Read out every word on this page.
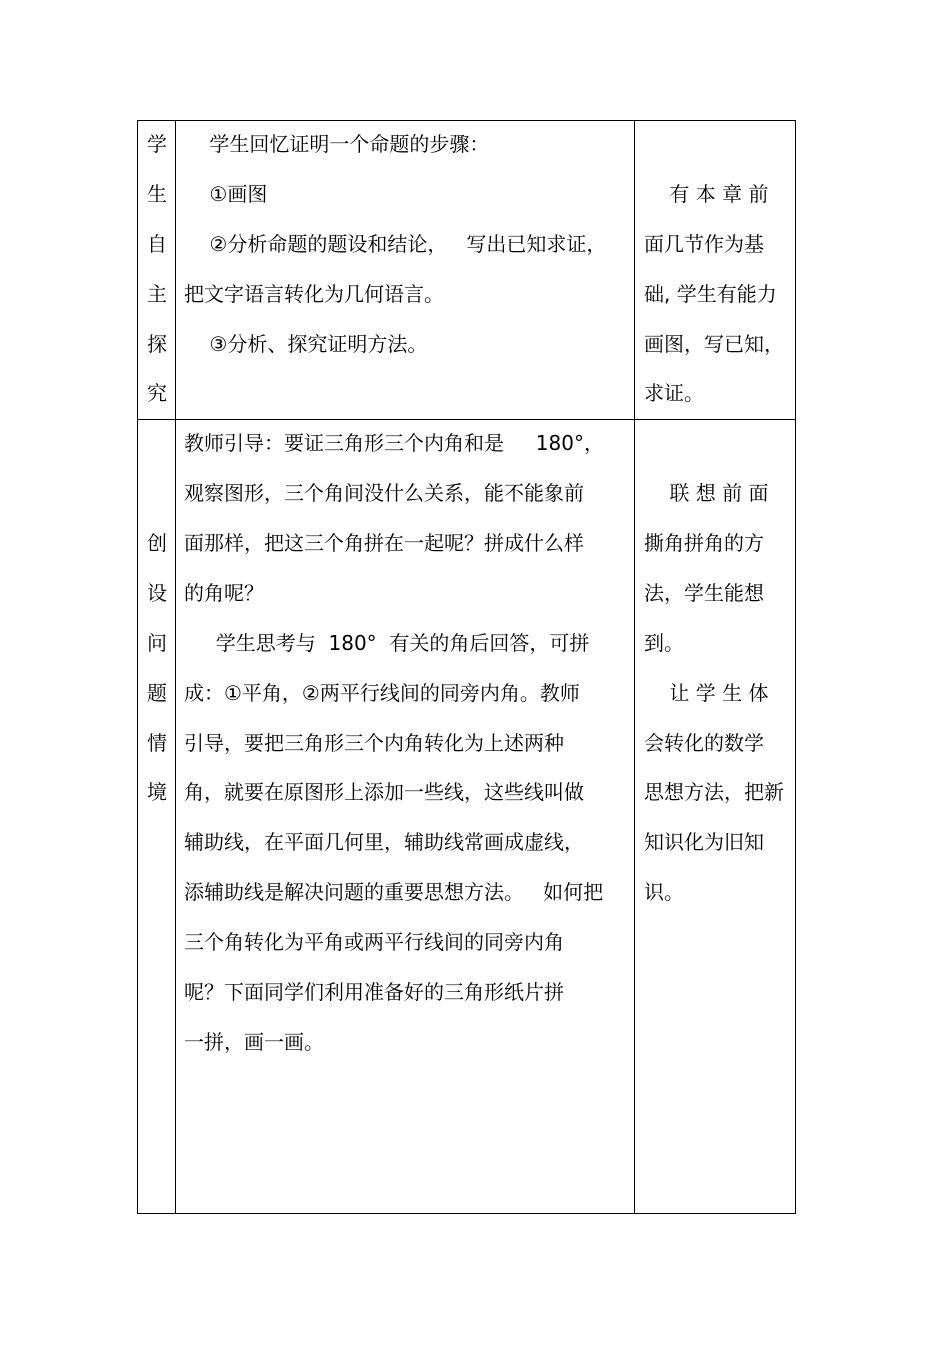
学
生
自
主
探
究
学生回忆证明一个命题的步骤：
①画图
②分析命题的题设和结论，   写出已知求证，
把文字语言转化为几何语言。
③分析、探究证明方法。
有 本 章 前
面几节作为基
础, 学生有能力
画图，写已知，
求证。
创
设
问
题
情
境
教师引导：要证三角形三个内角和是     180°，
观察图形，三个角间没什么关系，能不能象前
面那样，把这三个角拼在一起呢？拼成什么样
的角呢？
学生思考与  180°  有关的角后回答，可拼
成：①平角，②两平行线间的同旁内角。教师
引导，要把三角形三个内角转化为上述两种
角，就要在原图形上添加一些线，这些线叫做
辅助线，在平面几何里，辅助线常画成虚线，
添辅助线是解决问题的重要思想方法。   如何把
三个角转化为平角或两平行线间的同旁内角
呢？下面同学们利用准备好的三角形纸片拼
一拼，画一画。
联 想 前 面
撕角拼角的方
法，学生能想
到。
让 学 生 体
会转化的数学
思想方法，把新
知识化为旧知
识。
